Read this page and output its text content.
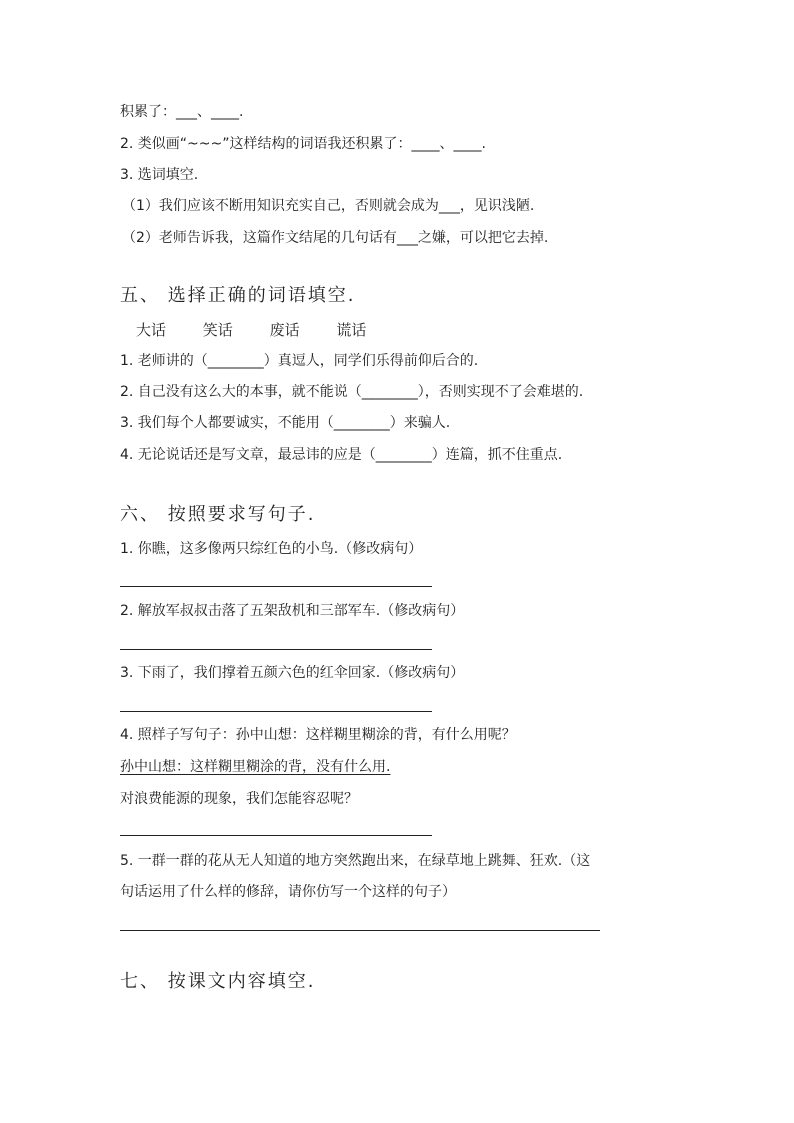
积累了：___、____.
2. 类似画“~~~”这样结构的词语我还积累了：____、____.
3. 选词填空.
（1）我们应该不断用知识充实自己，否则就会成为___，见识浅陋.
（2）老师告诉我，这篇作文结尾的几句话有___之嫌，可以把它去掉.
五、 选择正确的词语填空.
大话 笑话 废话 谎话
1. 老师讲的（________）真逗人，同学们乐得前仰后合的.
2. 自己没有这么大的本事，就不能说（________），否则实现不了会难堪的.
3. 我们每个人都要诚实，不能用（________）来骗人.
4. 无论说话还是写文章，最忌讳的应是（________）连篇，抓不住重点.
六、 按照要求写句子.
1. 你瞧，这多像两只综红色的小鸟.（修改病句）
2. 解放军叔叔击落了五架敌机和三部军车.（修改病句）
3. 下雨了，我们撑着五颜六色的红伞回家.（修改病句）
4. 照样子写句子：孙中山想：这样糊里糊涂的背，有什么用呢？
孙中山想：这样糊里糊涂的背，没有什么用.
对浪费能源的现象，我们怎能容忍呢？
5. 一群一群的花从无人知道的地方突然跑出来，在绿草地上跳舞、狂欢.（这
句话运用了什么样的修辞，请你仿写一个这样的句子）
七、 按课文内容填空.
